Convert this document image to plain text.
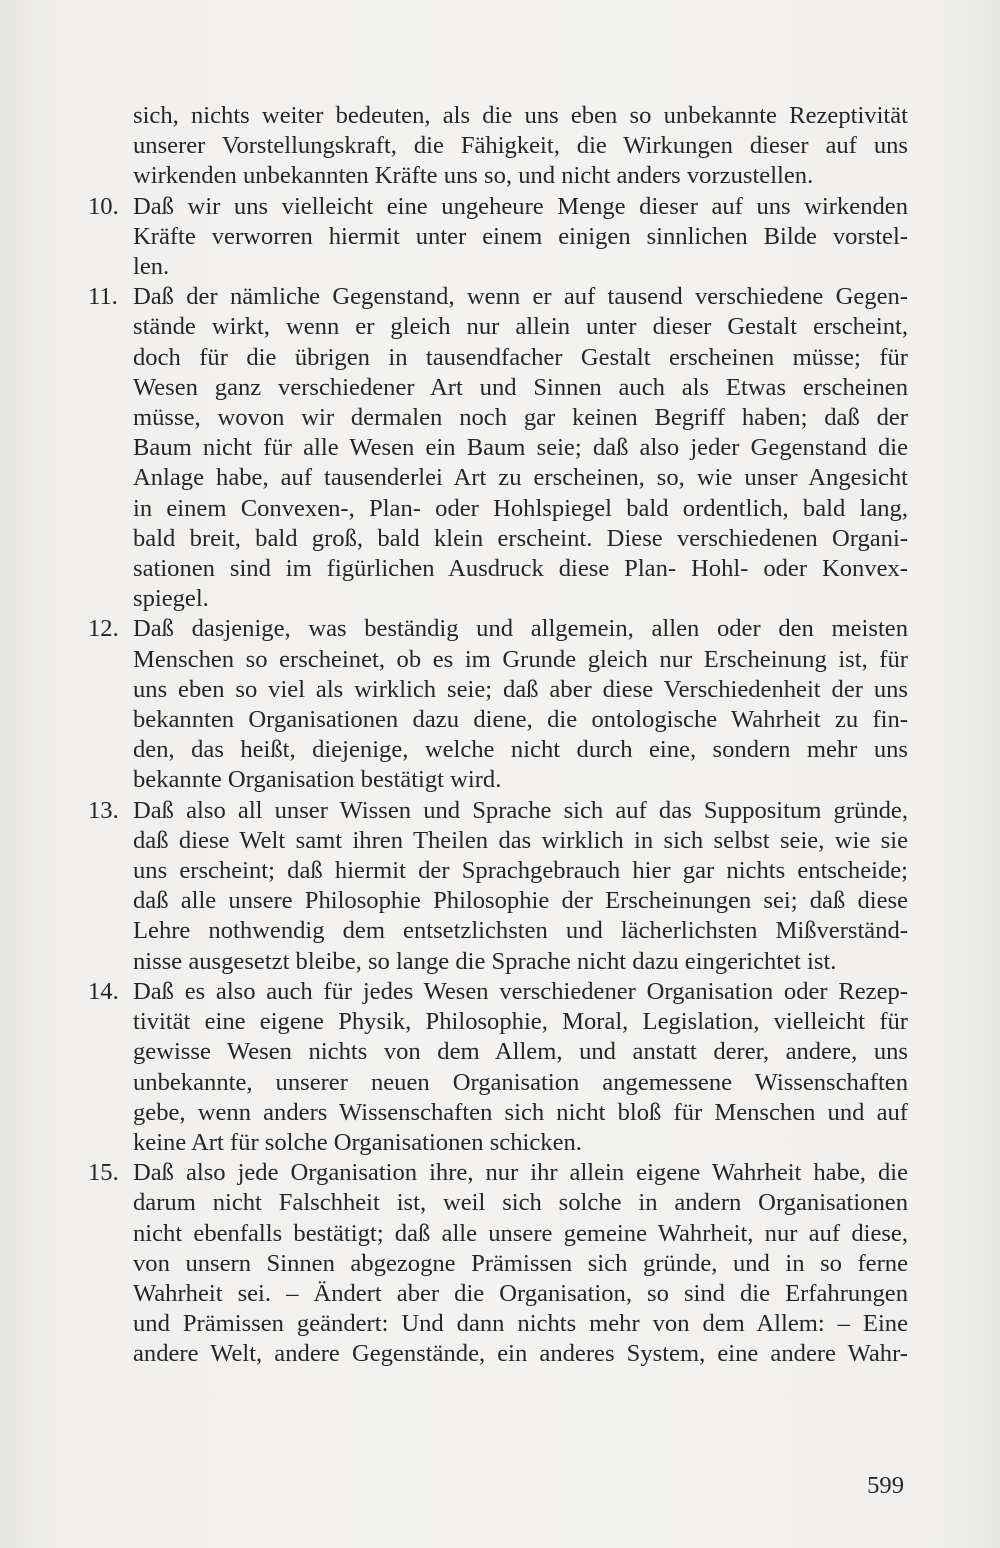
sich, nichts weiter bedeuten, als die uns eben so unbekannte Rezeptivität
unserer Vorstellungskraft, die Fähigkeit, die Wirkungen dieser auf uns
wirkenden unbekannten Kräfte uns so, und nicht anders vorzustellen.
10. Daß wir uns vielleicht eine ungeheure Menge dieser auf uns wirkenden
Kräfte verworren hiermit unter einem einigen sinnlichen Bilde vorstel-
len.
11. Daß der nämliche Gegenstand, wenn er auf tausend verschiedene Gegen-
stände wirkt, wenn er gleich nur allein unter dieser Gestalt erscheint,
doch für die übrigen in tausendfacher Gestalt erscheinen müsse; für
Wesen ganz verschiedener Art und Sinnen auch als Etwas erscheinen
müsse, wovon wir dermalen noch gar keinen Begriff haben; daß der
Baum nicht für alle Wesen ein Baum seie; daß also jeder Gegenstand die
Anlage habe, auf tausenderlei Art zu erscheinen, so, wie unser Angesicht
in einem Convexen-, Plan- oder Hohlspiegel bald ordentlich, bald lang,
bald breit, bald groß, bald klein erscheint. Diese verschiedenen Organi-
sationen sind im figürlichen Ausdruck diese Plan- Hohl- oder Konvex-
spiegel.
12. Daß dasjenige, was beständig und allgemein, allen oder den meisten
Menschen so erscheinet, ob es im Grunde gleich nur Erscheinung ist, für
uns eben so viel als wirklich seie; daß aber diese Verschiedenheit der uns
bekannten Organisationen dazu diene, die ontologische Wahrheit zu fin-
den, das heißt, diejenige, welche nicht durch eine, sondern mehr uns
bekannte Organisation bestätigt wird.
13. Daß also all unser Wissen und Sprache sich auf das Suppositum gründe,
daß diese Welt samt ihren Theilen das wirklich in sich selbst seie, wie sie
uns erscheint; daß hiermit der Sprachgebrauch hier gar nichts entscheide;
daß alle unsere Philosophie Philosophie der Erscheinungen sei; daß diese
Lehre nothwendig dem entsetzlichsten und lächerlichsten Mißverständ-
nisse ausgesetzt bleibe, so lange die Sprache nicht dazu eingerichtet ist.
14. Daß es also auch für jedes Wesen verschiedener Organisation oder Rezep-
tivität eine eigene Physik, Philosophie, Moral, Legislation, vielleicht für
gewisse Wesen nichts von dem Allem, und anstatt derer, andere, uns
unbekannte, unserer neuen Organisation angemessene Wissenschaften
gebe, wenn anders Wissenschaften sich nicht bloß für Menschen und auf
keine Art für solche Organisationen schicken.
15. Daß also jede Organisation ihre, nur ihr allein eigene Wahrheit habe, die
darum nicht Falschheit ist, weil sich solche in andern Organisationen
nicht ebenfalls bestätigt; daß alle unsere gemeine Wahrheit, nur auf diese,
von unsern Sinnen abgezogne Prämissen sich gründe, und in so ferne
Wahrheit sei. – Ändert aber die Organisation, so sind die Erfahrungen
und Prämissen geändert: Und dann nichts mehr von dem Allem: – Eine
andere Welt, andere Gegenstände, ein anderes System, eine andere Wahr-
599
